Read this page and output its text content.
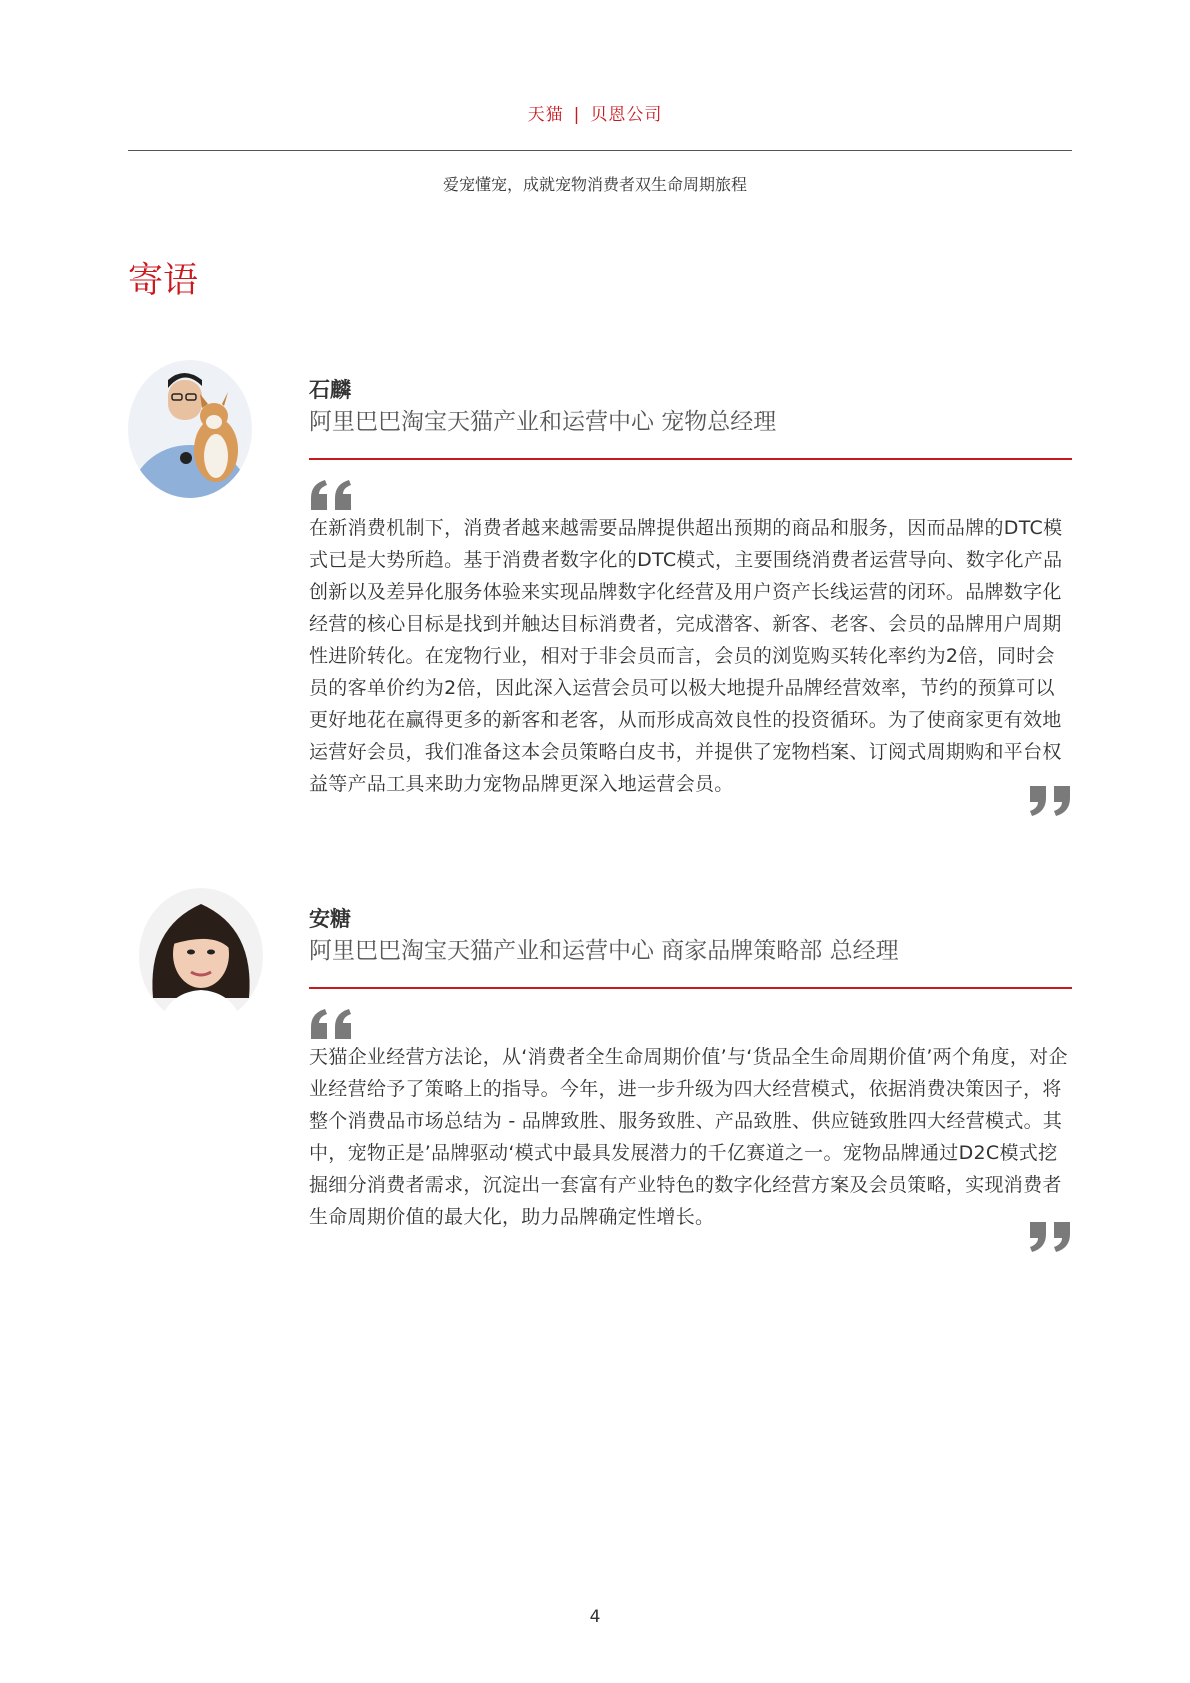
天猫 | 贝恩公司
爱宠懂宠，成就宠物消费者双生命周期旅程
寄语
石麟
阿里巴巴淘宝天猫产业和运营中心 宠物总经理
在新消费机制下，消费者越来越需要品牌提供超出预期的商品和服务，因而品牌的DTC模式已是大势所趋。基于消费者数字化的DTC模式，主要围绕消费者运营导向、数字化产品创新以及差异化服务体验来实现品牌数字化经营及用户资产长线运营的闭环。品牌数字化经营的核心目标是找到并触达目标消费者，完成潜客、新客、老客、会员的品牌用户周期性进阶转化。在宠物行业，相对于非会员而言，会员的浏览购买转化率约为2倍，同时会员的客单价约为2倍，因此深入运营会员可以极大地提升品牌经营效率，节约的预算可以更好地花在赢得更多的新客和老客，从而形成高效良性的投资循环。为了使商家更有效地运营好会员，我们准备这本会员策略白皮书，并提供了宠物档案、订阅式周期购和平台权益等产品工具来助力宠物品牌更深入地运营会员。
安糖
阿里巴巴淘宝天猫产业和运营中心 商家品牌策略部 总经理
天猫企业经营方法论，从‘消费者全生命周期价值’与‘货品全生命周期价值’两个角度，对企业经营给予了策略上的指导。今年，进一步升级为四大经营模式，依据消费决策因子，将整个消费品市场总结为 - 品牌致胜、服务致胜、产品致胜、供应链致胜四大经营模式。其中，宠物正是’品牌驱动‘模式中最具发展潜力的千亿赛道之一。宠物品牌通过D2C模式挖掘细分消费者需求，沉淀出一套富有产业特色的数字化经营方案及会员策略，实现消费者生命周期价值的最大化，助力品牌确定性增长。
4
